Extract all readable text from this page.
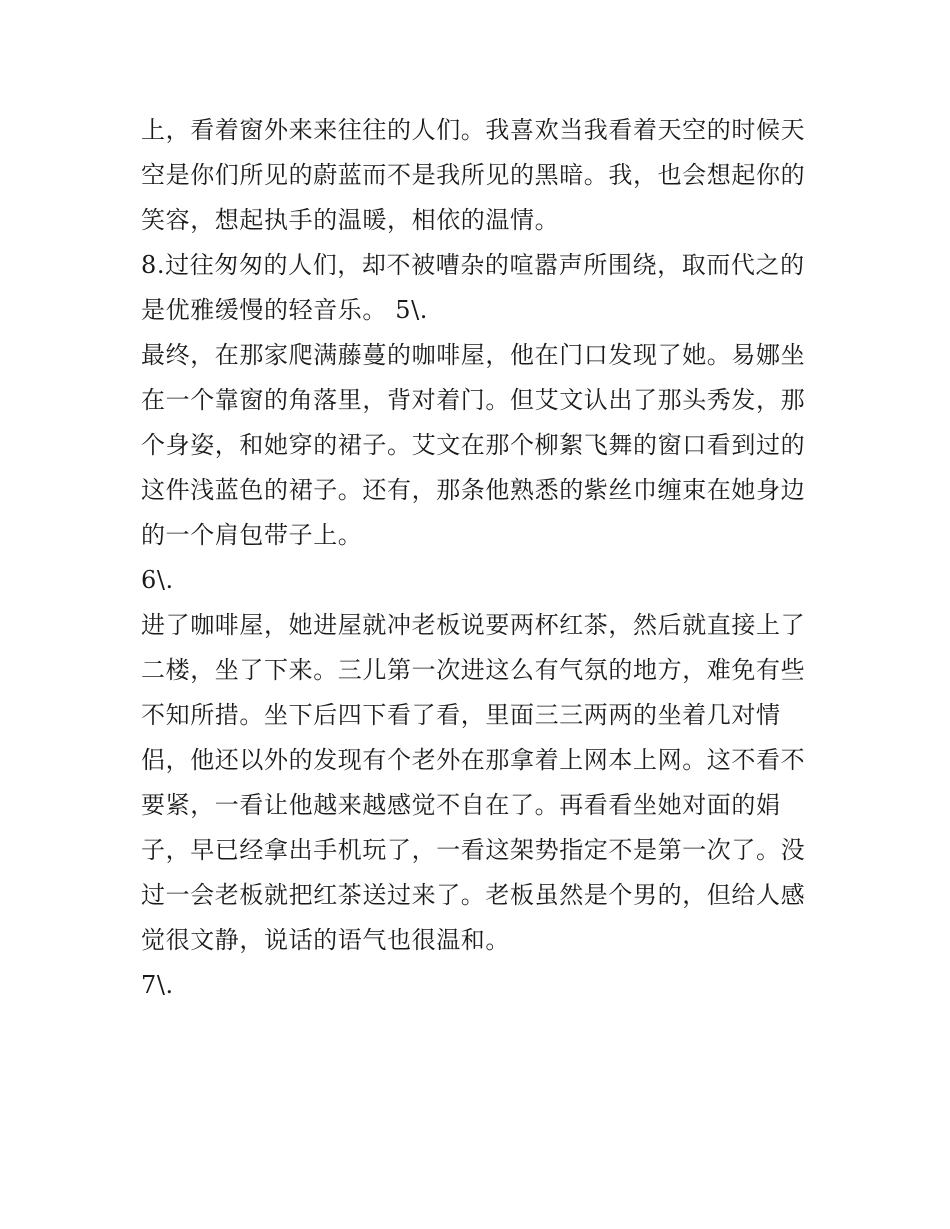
上，看着窗外来来往往的人们。我喜欢当我看着天空的时候天
空是你们所见的蔚蓝而不是我所见的黑暗。我，也会想起你的
笑容，想起执手的温暖，相依的温情。
8.过往匆匆的人们，却不被嘈杂的喧嚣声所围绕，取而代之的
是优雅缓慢的轻音乐。 5\.
最终，在那家爬满藤蔓的咖啡屋，他在门口发现了她。易娜坐
在一个靠窗的角落里，背对着门。但艾文认出了那头秀发，那
个身姿，和她穿的裙子。艾文在那个柳絮飞舞的窗口看到过的
这件浅蓝色的裙子。还有，那条他熟悉的紫丝巾缠束在她身边
的一个肩包带子上。
6\.
进了咖啡屋，她进屋就冲老板说要两杯红茶，然后就直接上了
二楼，坐了下来。三儿第一次进这么有气氛的地方，难免有些
不知所措。坐下后四下看了看，里面三三两两的坐着几对情
侣，他还以外的发现有个老外在那拿着上网本上网。这不看不
要紧，一看让他越来越感觉不自在了。再看看坐她对面的娟
子，早已经拿出手机玩了，一看这架势指定不是第一次了。没
过一会老板就把红茶送过来了。老板虽然是个男的，但给人感
觉很文静，说话的语气也很温和。
7\.
